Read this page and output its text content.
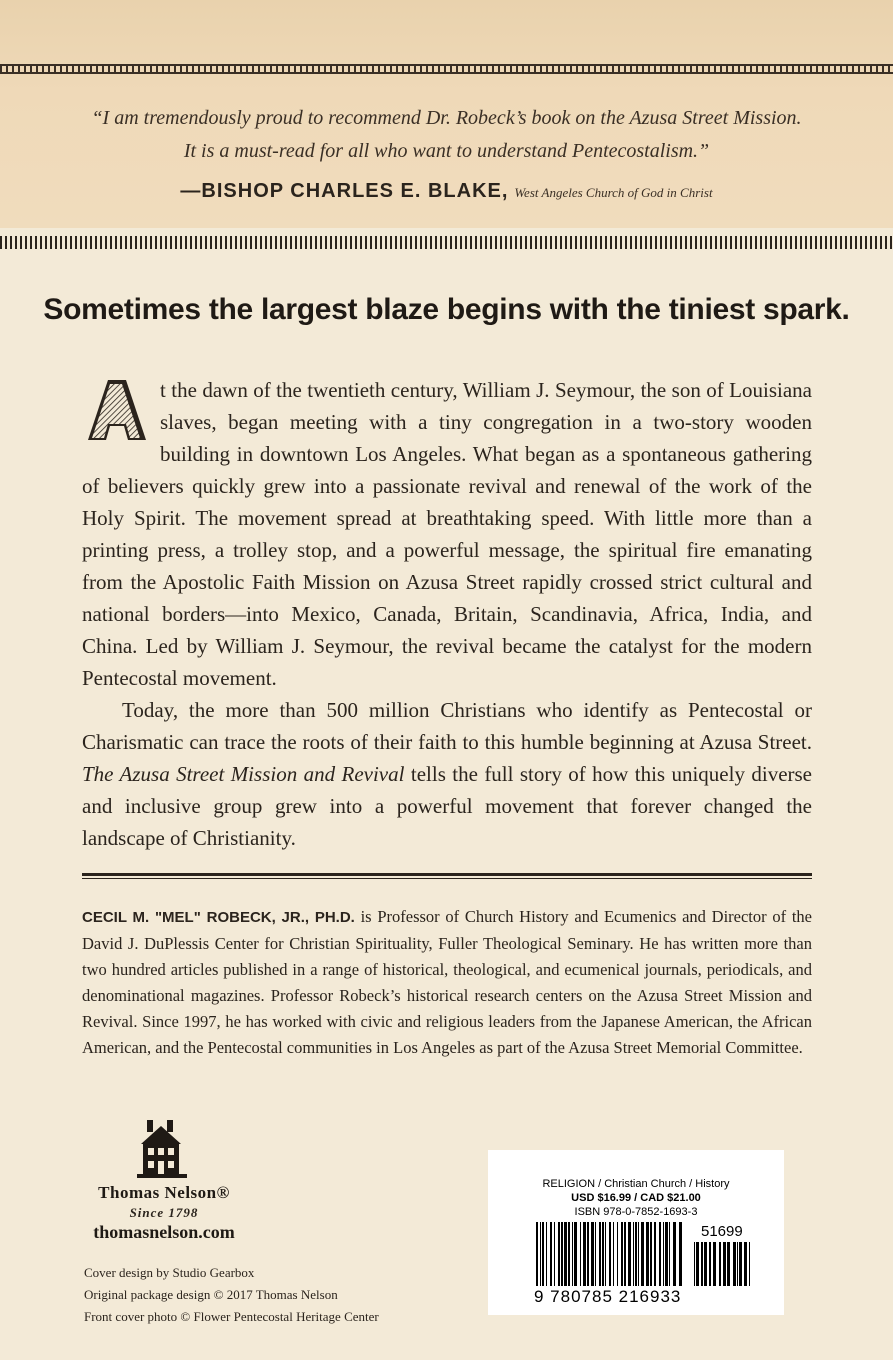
“I am tremendously proud to recommend Dr. Robeck’s book on the Azusa Street Mission.
It is a must-read for all who want to understand Pentecostalism.”
—BISHOP CHARLES E. BLAKE, West Angeles Church of God in Christ
Sometimes the largest blaze begins with the tiniest spark.

t the dawn of the twentieth century, William J. Seymour, the son of Louisiana slaves, began meeting with a tiny congregation in a two-story wooden building in downtown Los Angeles. What began as a spontaneous gathering of believers quickly grew into a passionate revival and renewal of the work of the Holy Spirit. The movement spread at breathtaking speed. With little more than a printing press, a trolley stop, and a powerful message, the spiritual fire emanating from the Apostolic Faith Mission on Azusa Street rapidly crossed strict cultural and national borders—into Mexico, Canada, Britain, Scandinavia, Africa, India, and China. Led by William J. Seymour, the revival became the catalyst for the modern Pentecostal movement.

Today, the more than 500 million Christians who identify as Pentecostal or Charismatic can trace the roots of their faith to this humble beginning at Azusa Street. The Azusa Street Mission and Revival tells the full story of how this uniquely diverse and inclusive group grew into a powerful movement that forever changed the landscape of Christianity.

CECIL M. "MEL" ROBECK, JR., PH.D. is Professor of Church History and Ecumenics and Director of the David J. DuPlessis Center for Christian Spirituality, Fuller Theological Seminary. He has written more than two hundred articles published in a range of historical, theological, and ecumenical journals, periodicals, and denominational magazines. Professor Robeck’s historical research centers on the Azusa Street Mission and Revival. Since 1997, he has worked with civic and religious leaders from the Japanese American, the African American, and the Pentecostal communities in Los Angeles as part of the Azusa Street Memorial Committee.
Thomas Nelson®
Since 1798
thomasnelson.com
Cover design by Studio Gearbox
Original package design © 2017 Thomas Nelson
Front cover photo © Flower Pentecostal Heritage Center
RELIGION / Christian Church / History
USD $16.99 / CAD $21.00
ISBN 978-0-7852-1693-3
51699
9 780785 216933
